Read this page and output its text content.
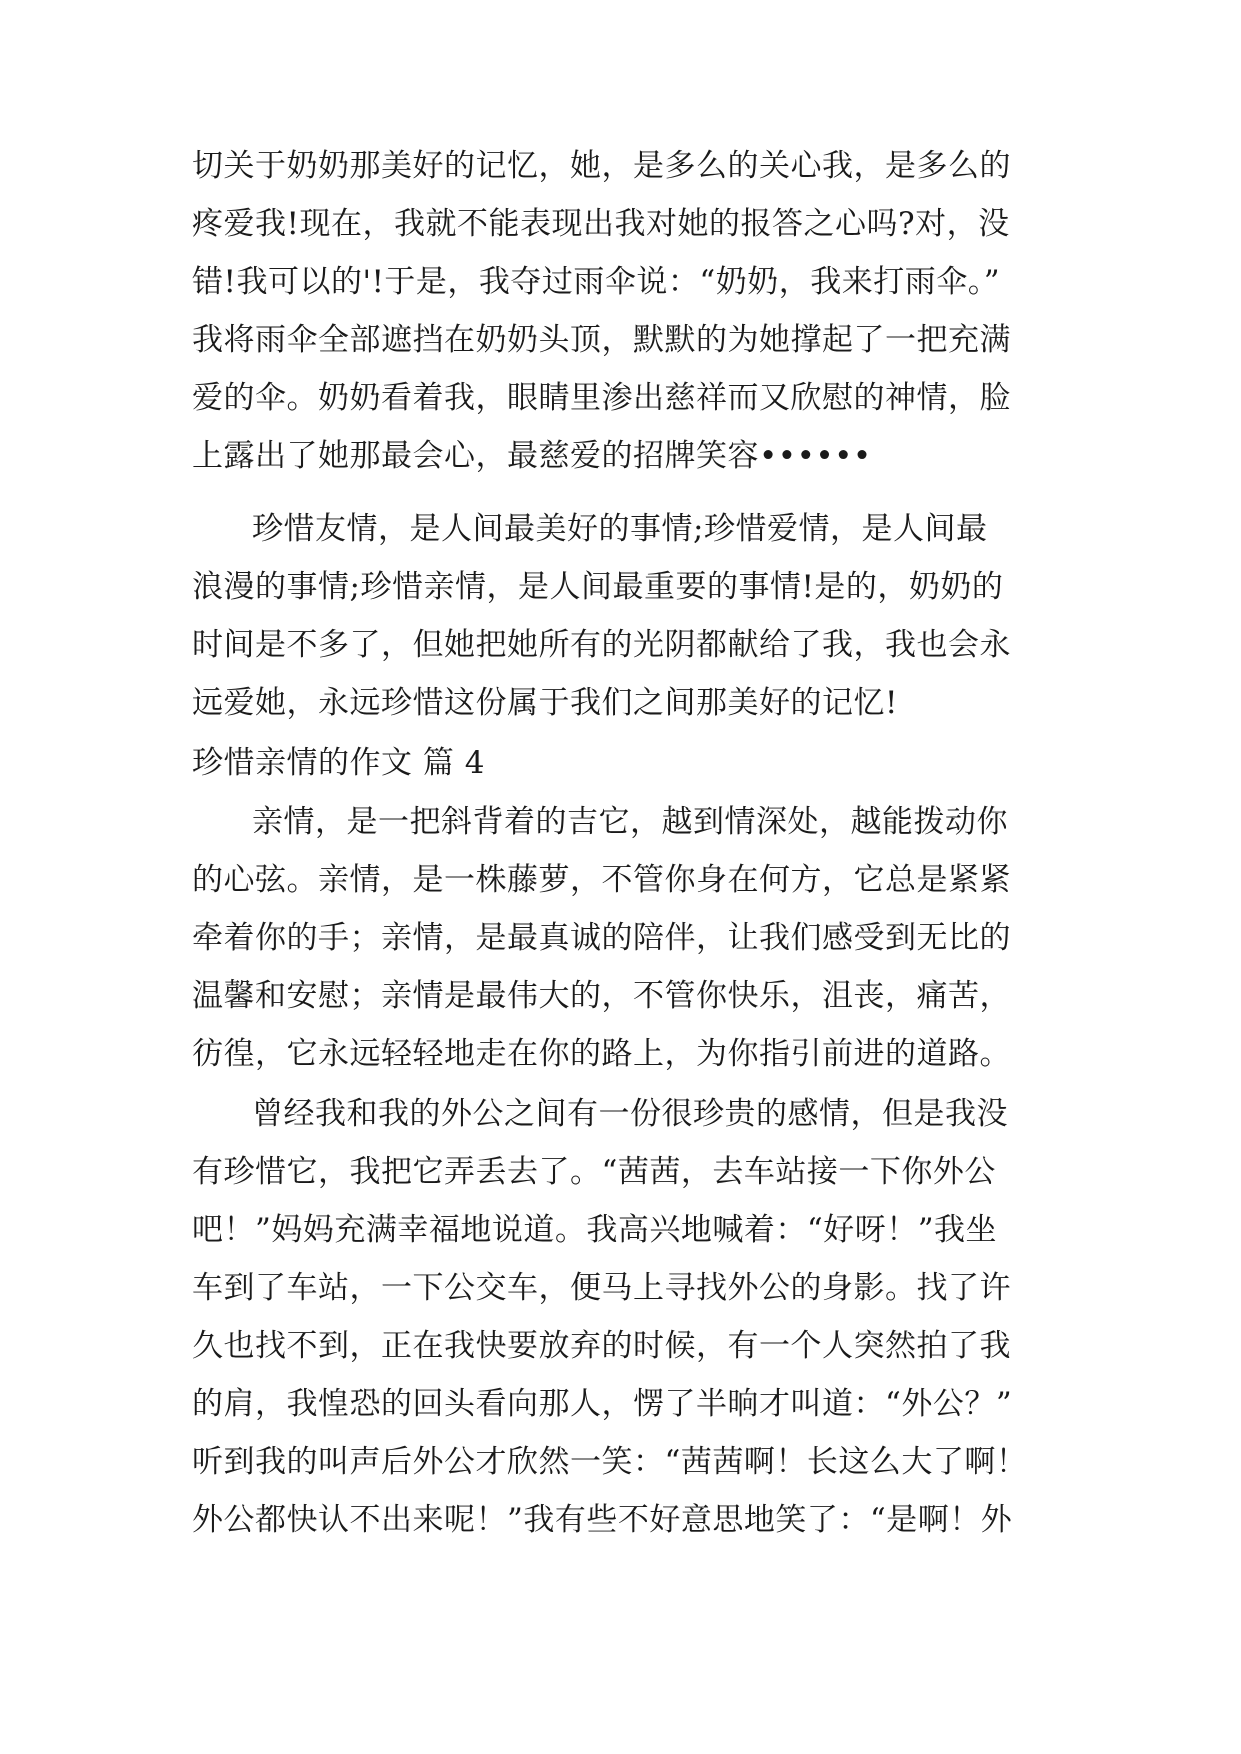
切关于奶奶那美好的记忆，她，是多么的关心我，是多么的
疼爱我!现在，我就不能表现出我对她的报答之心吗?对，没
错!我可以的'!于是，我夺过雨伞说：“奶奶，我来打雨伞。”
我将雨伞全部遮挡在奶奶头顶，默默的为她撑起了一把充满
爱的伞。奶奶看着我，眼睛里渗出慈祥而又欣慰的神情，脸
上露出了她那最会心，最慈爱的招牌笑容••••••
珍惜友情，是人间最美好的事情;珍惜爱情，是人间最
浪漫的事情;珍惜亲情，是人间最重要的事情!是的，奶奶的
时间是不多了，但她把她所有的光阴都献给了我，我也会永
远爱她，永远珍惜这份属于我们之间那美好的记忆!
珍惜亲情的作文 篇 4
亲情，是一把斜背着的吉它，越到情深处，越能拨动你
的心弦。亲情，是一株藤萝，不管你身在何方，它总是紧紧
牵着你的手；亲情，是最真诚的陪伴，让我们感受到无比的
温馨和安慰；亲情是最伟大的，不管你快乐，沮丧，痛苦，
彷徨，它永远轻轻地走在你的路上，为你指引前进的道路。
曾经我和我的外公之间有一份很珍贵的感情，但是我没
有珍惜它，我把它弄丢去了。“茜茜，去车站接一下你外公
吧！”妈妈充满幸福地说道。我高兴地喊着：“好呀！”我坐
车到了车站，一下公交车，便马上寻找外公的身影。找了许
久也找不到，正在我快要放弃的时候，有一个人突然拍了我
的肩，我惶恐的回头看向那人，愣了半晌才叫道：“外公？”
听到我的叫声后外公才欣然一笑：“茜茜啊！长这么大了啊！
外公都快认不出来呢！”我有些不好意思地笑了：“是啊！外
